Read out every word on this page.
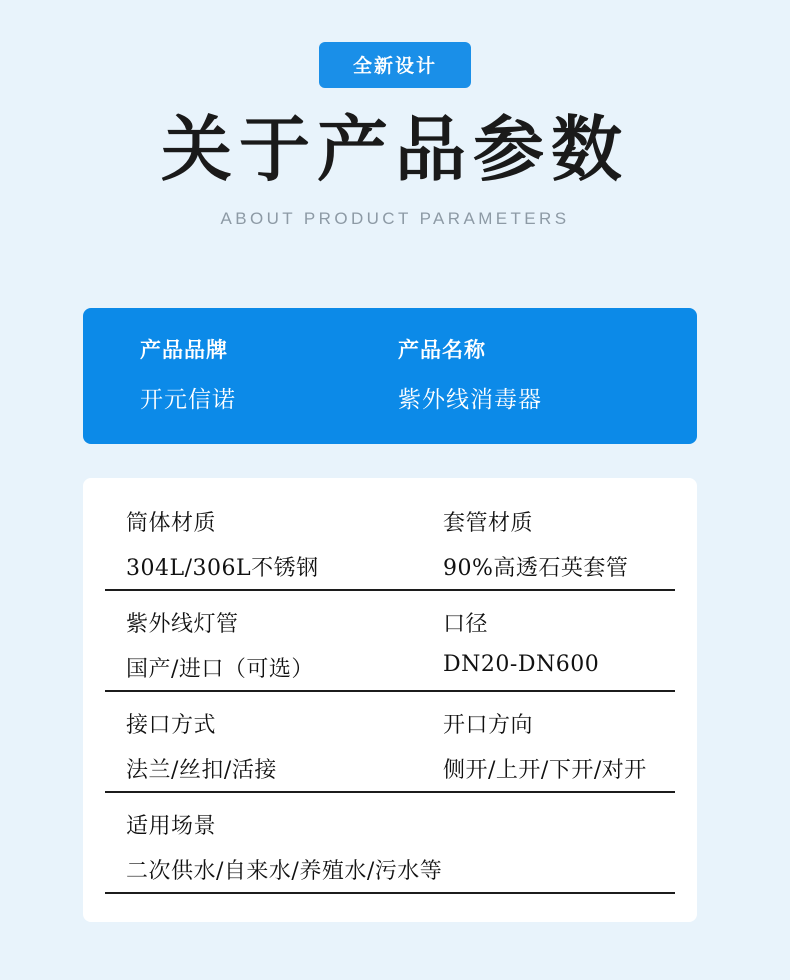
全新设计
关于产品参数
ABOUT PRODUCT PARAMETERS
产品品牌
开元信诺
产品名称
紫外线消毒器
筒体材质
304L/306L不锈钢
套管材质
90%高透石英套管
紫外线灯管
国产/进口（可选）
口径
DN20-DN600
接口方式
法兰/丝扣/活接
开口方向
侧开/上开/下开/对开
适用场景
二次供水/自来水/养殖水/污水等
